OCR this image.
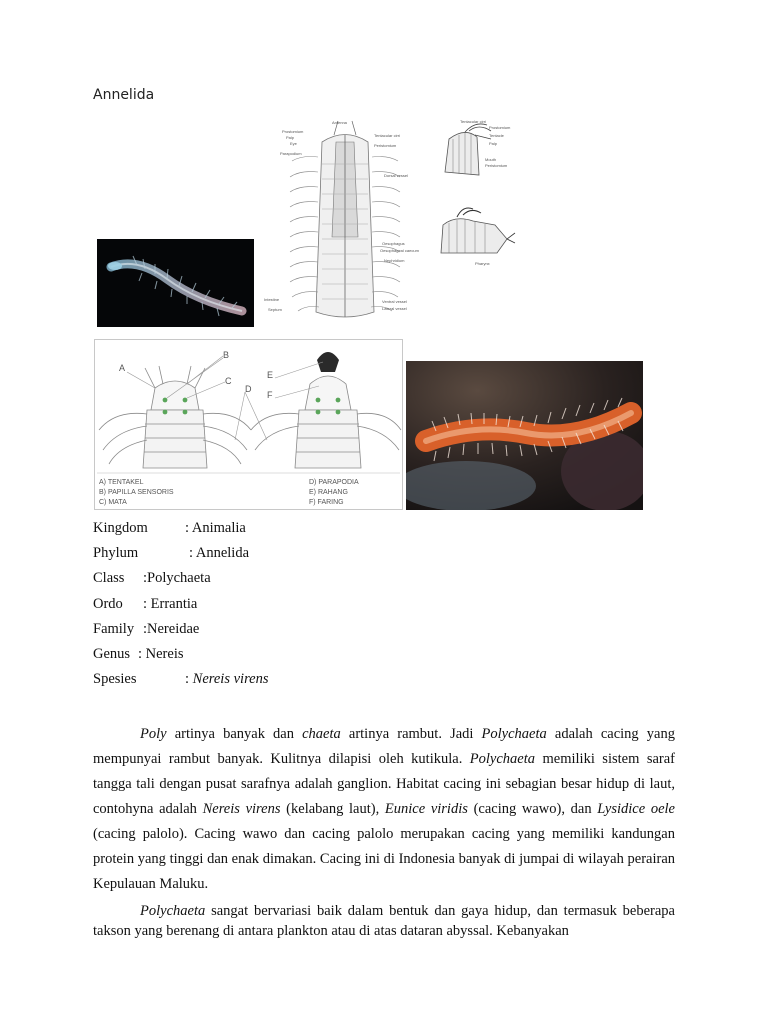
Annelida
Antenna
Prostomium
Palp
Eye
Parapodium
Tentacular cirri
Peristomium
Dorsal vessel
Oesophagus
Oesophageal caecum
Nephridium
Intestine
Septum
Ventral vessel
Lateral vessel
Tentacular cirri
Prostomium
Tentacle
Palp
Mouth
Peristomium
Pharynx
A
B
C
D
E
F
A) TENTAKEL
B) PAPILLA SENSORIS
C) MATA
D) PARAPODIA
E) RAHANG
F) FARING
Kingdom	: Animalia
Phylum	: Annelida
Class :Polychaeta
Ordo : Errantia
Family :Nereidae
Genus : Nereis
Spesies	: Nereis virens

Poly artinya banyak dan chaeta artinya rambut. Jadi Polychaeta adalah cacing yang mempunyai rambut banyak. Kulitnya dilapisi oleh kutikula. Polychaeta memiliki sistem saraf tangga tali dengan pusat sarafnya adalah ganglion. Habitat cacing ini sebagian besar hidup di laut, contohyna adalah Nereis virens (kelabang laut), Eunice viridis (cacing wawo), dan Lysidice oele (cacing palolo). Cacing wawo dan cacing palolo merupakan cacing yang memiliki kandungan protein yang tinggi dan enak dimakan. Cacing ini di Indonesia banyak di jumpai di wilayah perairan Kepulauan Maluku.

Polychaeta sangat bervariasi baik dalam bentuk dan gaya hidup, dan termasuk beberapa takson yang berenang di antara plankton atau di atas dataran abyssal. Kebanyakan
